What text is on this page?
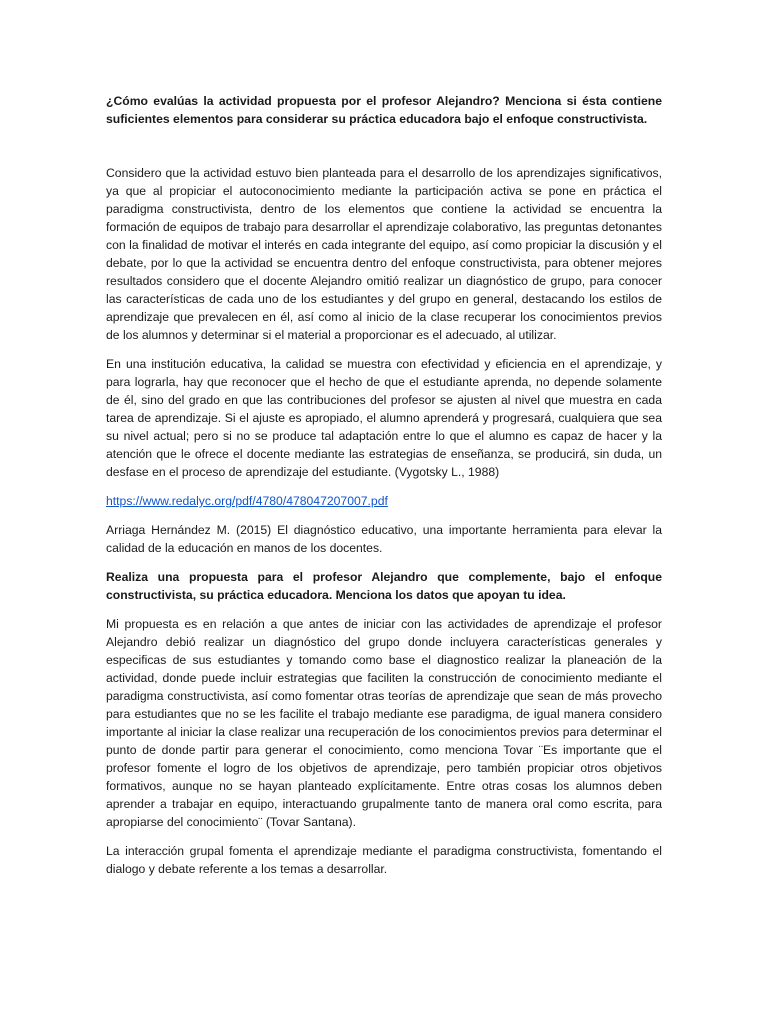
¿Cómo evalúas la actividad propuesta por el profesor Alejandro? Menciona si ésta contiene suficientes elementos para considerar su práctica educadora bajo el enfoque constructivista.

Considero que la actividad estuvo bien planteada para el desarrollo de los aprendizajes significativos, ya que al propiciar el autoconocimiento mediante la participación activa se pone en práctica el paradigma constructivista, dentro de los elementos que contiene la actividad se encuentra la formación de equipos de trabajo para desarrollar el aprendizaje colaborativo, las preguntas detonantes con la finalidad de motivar el interés en cada integrante del equipo, así como propiciar la discusión y el debate, por lo que la actividad se encuentra dentro del enfoque constructivista, para obtener mejores resultados considero que el docente Alejandro omitió realizar un diagnóstico de grupo, para conocer las características de cada uno de los estudiantes y del grupo en general, destacando los estilos de aprendizaje que prevalecen en él, así como al inicio de la clase recuperar los conocimientos previos de los alumnos y determinar si el material a proporcionar es el adecuado, al utilizar.

En una institución educativa, la calidad se muestra con efectividad y eficiencia en el aprendizaje, y para lograrla, hay que reconocer que el hecho de que el estudiante aprenda, no depende solamente de él, sino del grado en que las contribuciones del profesor se ajusten al nivel que muestra en cada tarea de aprendizaje. Si el ajuste es apropiado, el alumno aprenderá y progresará, cualquiera que sea su nivel actual; pero si no se produce tal adaptación entre lo que el alumno es capaz de hacer y la atención que le ofrece el docente mediante las estrategias de enseñanza, se producirá, sin duda, un desfase en el proceso de aprendizaje del estudiante. (Vygotsky L., 1988)

https://www.redalyc.org/pdf/4780/478047207007.pdf

Arriaga Hernández M. (2015) El diagnóstico educativo, una importante herramienta para elevar la calidad de la educación en manos de los docentes.

Realiza una propuesta para el profesor Alejandro que complemente, bajo el enfoque constructivista, su práctica educadora. Menciona los datos que apoyan tu idea.

Mi propuesta es en relación a que antes de iniciar con las actividades de aprendizaje el profesor Alejandro debió realizar un diagnóstico del grupo donde incluyera características generales y especificas de sus estudiantes y tomando como base el diagnostico realizar la planeación de la actividad, donde puede incluir estrategias que faciliten la construcción de conocimiento mediante el paradigma constructivista, así como fomentar otras teorías de aprendizaje que sean de más provecho para estudiantes que no se les facilite el trabajo mediante ese paradigma, de igual manera considero importante al iniciar la clase realizar una recuperación de los conocimientos previos para determinar el punto de donde partir para generar el conocimiento, como menciona Tovar ¨Es importante que el profesor fomente el logro de los objetivos de aprendizaje, pero también propiciar otros objetivos formativos, aunque no se hayan planteado explícitamente. Entre otras cosas los alumnos deben aprender a trabajar en equipo, interactuando grupalmente tanto de manera oral como escrita, para apropiarse del conocimiento¨ (Tovar Santana).

La interacción grupal fomenta el aprendizaje mediante el paradigma constructivista, fomentando el dialogo y debate referente a los temas a desarrollar.
